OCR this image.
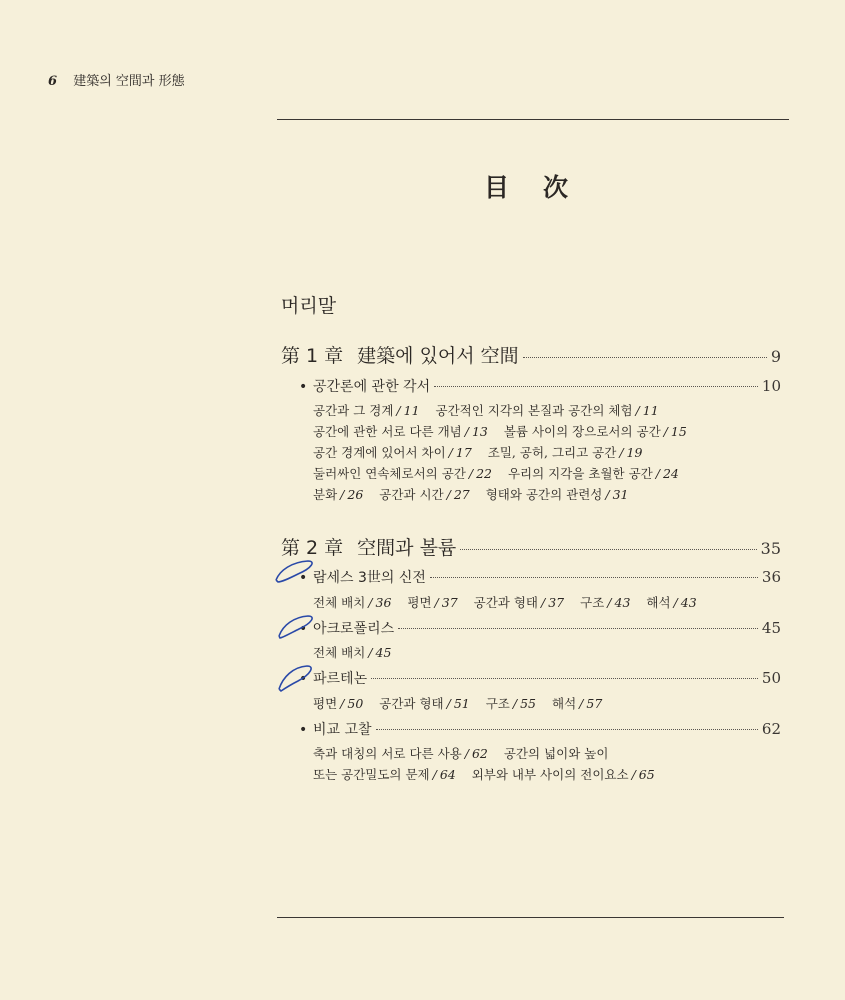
6 建築의 空間과 形態
目次
머리말
第 1 章 建築에 있어서 空間	9
• 공간론에 관한 각서	10
공간과 그 경계 / 11 공간적인 지각의 본질과 공간의 체험 / 11
공간에 관한 서로 다른 개념 / 13 볼륨 사이의 장으로서의 공간 / 15
공간 경계에 있어서 차이 / 17 조밀, 공허, 그리고 공간 / 19
둘러싸인 연속체로서의 공간 / 22 우리의 지각을 초월한 공간 / 24
분화 / 26 공간과 시간 / 27 형태와 공간의 관련성 / 31
第 2 章 空間과 볼륨	35
• 람세스 3世의 신전	36
전체 배치 / 36 평면 / 37 공간과 형태 / 37 구조 / 43 해석 / 43
• 아크로폴리스	45
전체 배치 / 45
• 파르테논	50
평면 / 50 공간과 형태 / 51 구조 / 55 해석 / 57
• 비교 고찰	62
축과 대칭의 서로 다른 사용 / 62 공간의 넓이와 높이
또는 공간밀도의 문제 / 64 외부와 내부 사이의 전이요소 / 65
